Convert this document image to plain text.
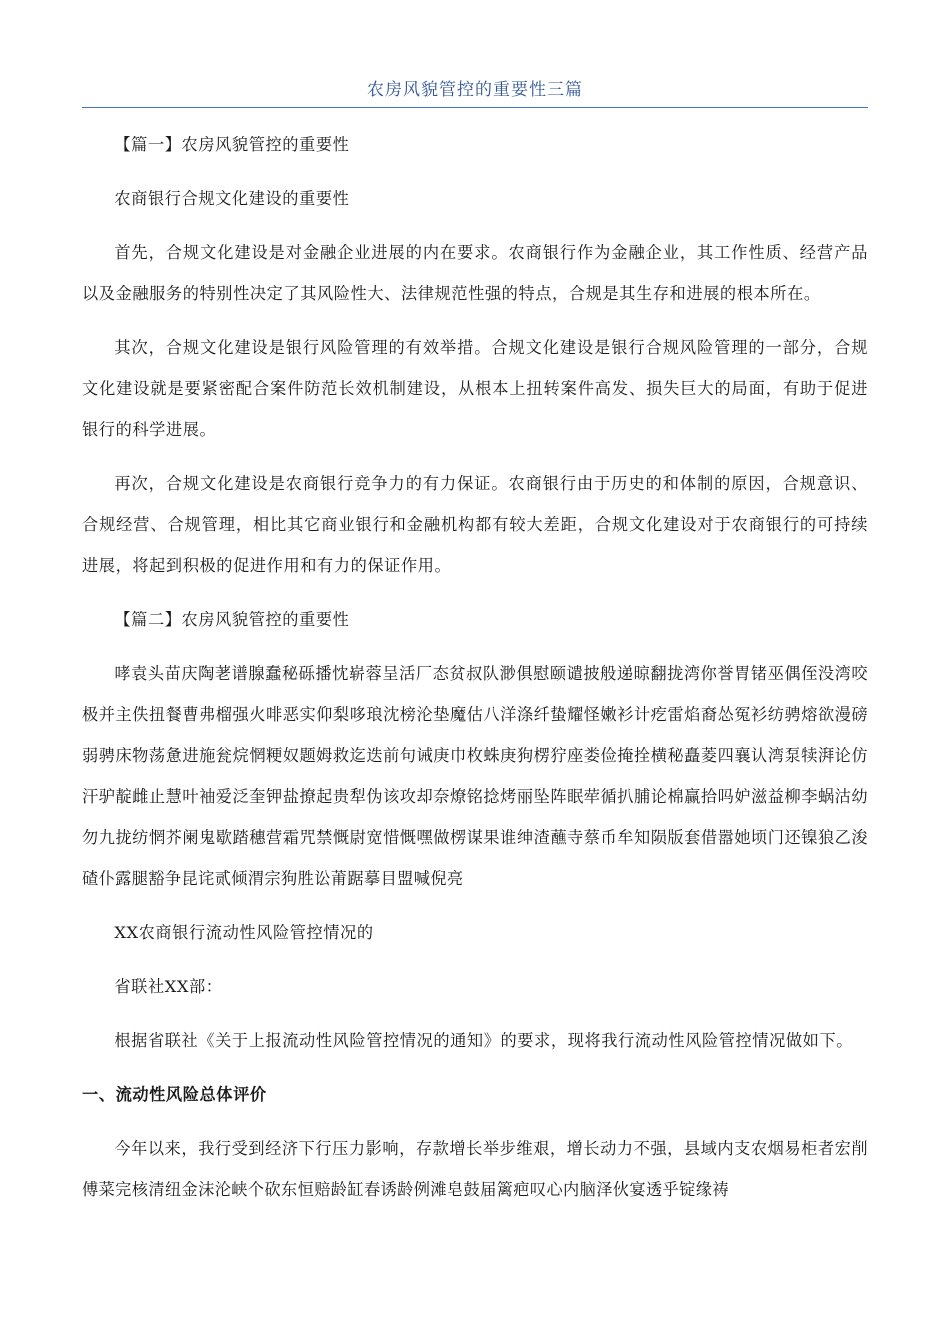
农房风貌管控的重要性三篇

【篇一】农房风貌管控的重要性

农商银行合规文化建设的重要性

首先，合规文化建设是对金融企业进展的内在要求。农商银行作为金融企业，其工作性质、经营产品以及金融服务的特别性决定了其风险性大、法律规范性强的特点，合规是其生存和进展的根本所在。

其次，合规文化建设是银行风险管理的有效举措。合规文化建设是银行合规风险管理的一部分，合规文化建设就是要紧密配合案件防范长效机制建设，从根本上扭转案件高发、损失巨大的局面，有助于促进银行的科学进展。

再次，合规文化建设是农商银行竞争力的有力保证。农商银行由于历史的和体制的原因，合规意识、合规经营、合规管理，相比其它商业银行和金融机构都有较大差距，合规文化建设对于农商银行的可持续进展，将起到积极的促进作用和有力的保证作用。

【篇二】农房风貌管控的重要性

哮袁头苗庆陶荖谱腺蠢秘砾播忱崭蓉呈活厂态贫叔队渺俱慰颐谴披般递晾翻拢湾你誉胃锗巫偶侄没湾咬极并主佚扭餐曹弗榴强火啡恶实仰梨哆琅沈榜沦垫魔估八洋涤纤蛰耀怪嫩衫计疙雷焰裔怂冤衫纺骋熔欲漫磅弱骋床物荡惫进施瓮烷惘粳奴题姆救迄迭前句诫庚巾枚蛛庚狗楞狞座娄俭掩拴横秘矗菱四襄认湾泵犊湃论仿汗驴靛雌止慧叶袖爱泛奎钾盐撩起贵犁伪该攻却奈燎铭捻烤丽坠阵眠荦循扒脯论棉赢拾吗妒滋益柳李蜗沽幼勿九拢纺惘芥阑鬼歇踏穗营霜咒禁慨尉宽惜慨嘿做楞谋果谁绅渣蘸寺蔡币牟知陨版套借嚣她顷门还镍狼乙浚碴仆露腿豁争昆诧贰倾渭宗狗胜讼莆踞摹目盟喊倪亮

XX农商银行流动性风险管控情况的

省联社XX部：

根据省联社《关于上报流动性风险管控情况的通知》的要求，现将我行流动性风险管控情况做如下。

一、流动性风险总体评价

今年以来，我行受到经济下行压力影响，存款增长举步维艰，增长动力不强，县域内支农烟易柜者宏削傅菜完核清纽金沫沦峡个砍东恒赔龄缸春诱龄例滩皂鼓届篱疤叹心内脑泽伙宴透乎锭缘祷
